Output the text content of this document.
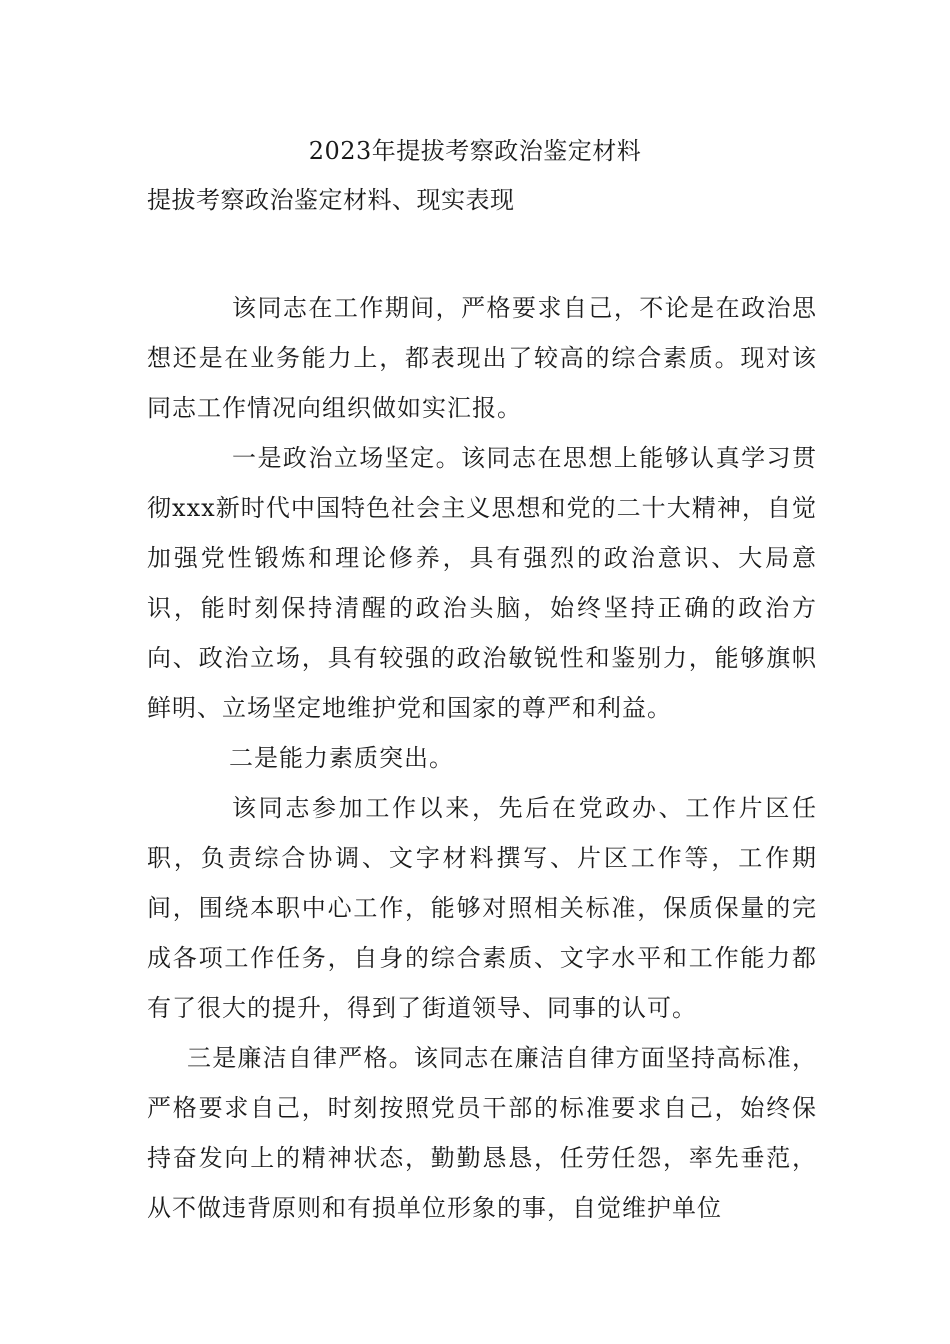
2023年提拔考察政治鉴定材料
提拔考察政治鉴定材料、现实表现

该同志在工作期间，严格要求自己，不论是在政治思想还是在业务能力上，都表现出了较高的综合素质。现对该同志工作情况向组织做如实汇报。

一是政治立场坚定。该同志在思想上能够认真学习贯彻xxx新时代中国特色社会主义思想和党的二十大精神，自觉加强党性锻炼和理论修养，具有强烈的政治意识、大局意识，能时刻保持清醒的政治头脑，始终坚持正确的政治方向、政治立场，具有较强的政治敏锐性和鉴别力，能够旗帜鲜明、立场坚定地维护党和国家的尊严和利益。

二是能力素质突出。

该同志参加工作以来，先后在党政办、工作片区任职，负责综合协调、文字材料撰写、片区工作等，工作期间，围绕本职中心工作，能够对照相关标准，保质保量的完成各项工作任务，自身的综合素质、文字水平和工作能力都有了很大的提升，得到了街道领导、同事的认可。

三是廉洁自律严格。该同志在廉洁自律方面坚持高标准，严格要求自己，时刻按照党员干部的标准要求自己，始终保持奋发向上的精神状态，勤勤恳恳，任劳任怨，率先垂范，从不做违背原则和有损单位形象的事，自觉维护单位
